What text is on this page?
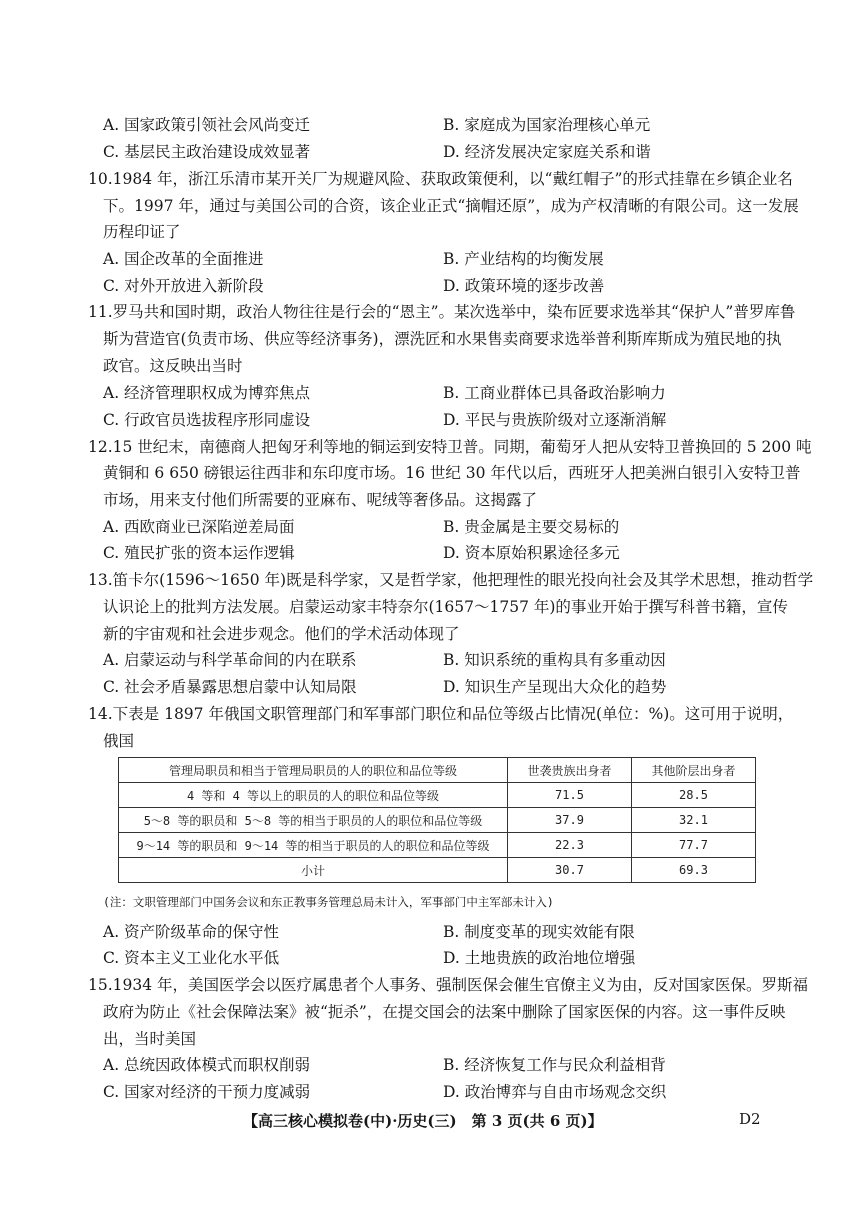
A. 国家政策引领社会风尚变迁	B. 家庭成为国家治理核心单元
C. 基层民主政治建设成效显著	D. 经济发展决定家庭关系和谐
10.1984 年，浙江乐清市某开关厂为规避风险、获取政策便利，以“戴红帽子”的形式挂靠在乡镇企业名
下。1997 年，通过与美国公司的合资，该企业正式“摘帽还原”，成为产权清晰的有限公司。这一发展
历程印证了
A. 国企改革的全面推进	B. 产业结构的均衡发展
C. 对外开放进入新阶段	D. 政策环境的逐步改善
11.罗马共和国时期，政治人物往往是行会的“恩主”。某次选举中，染布匠要求选举其“保护人”普罗库鲁
斯为营造官(负责市场、供应等经济事务)，漂洗匠和水果售卖商要求选举普利斯库斯成为殖民地的执
政官。这反映出当时
A. 经济管理职权成为博弈焦点	B. 工商业群体已具备政治影响力
C. 行政官员选拔程序形同虚设	D. 平民与贵族阶级对立逐渐消解
12.15 世纪末，南德商人把匈牙利等地的铜运到安特卫普。同期，葡萄牙人把从安特卫普换回的 5 200 吨
黄铜和 6 650 磅银运往西非和东印度市场。16 世纪 30 年代以后，西班牙人把美洲白银引入安特卫普
市场，用来支付他们所需要的亚麻布、呢绒等奢侈品。这揭露了
A. 西欧商业已深陷逆差局面	B. 贵金属是主要交易标的
C. 殖民扩张的资本运作逻辑	D. 资本原始积累途径多元
13.笛卡尔(1596～1650 年)既是科学家，又是哲学家，他把理性的眼光投向社会及其学术思想，推动哲学
认识论上的批判方法发展。启蒙运动家丰特奈尔(1657～1757 年)的事业开始于撰写科普书籍，宣传
新的宇宙观和社会进步观念。他们的学术活动体现了
A. 启蒙运动与科学革命间的内在联系	B. 知识系统的重构具有多重动因
C. 社会矛盾暴露思想启蒙中认知局限	D. 知识生产呈现出大众化的趋势
14.下表是 1897 年俄国文职管理部门和军事部门职位和品位等级占比情况(单位：%)。这可用于说明，
俄国
管理局职员和相当于管理局职员的人的职位和品位等级	世袭贵族出身者	其他阶层出身者
4 等和 4 等以上的职员的人的职位和品位等级	71.5	28.5
5～8 等的职员和 5～8 等的相当于职员的人的职位和品位等级	37.9	32.1
9～14 等的职员和 9～14 等的相当于职员的人的职位和品位等级	22.3	77.7
小计	30.7	69.3
(注：文职管理部门中国务会议和东正教事务管理总局未计入，军事部门中主军部未计入)
A. 资产阶级革命的保守性	B. 制度变革的现实效能有限
C. 资本主义工业化水平低	D. 土地贵族的政治地位增强
15.1934 年，美国医学会以医疗属患者个人事务、强制医保会催生官僚主义为由，反对国家医保。罗斯福
政府为防止《社会保障法案》被“扼杀”，在提交国会的法案中删除了国家医保的内容。这一事件反映
出，当时美国
A. 总统因政体模式而职权削弱	B. 经济恢复工作与民众利益相背
C. 国家对经济的干预力度减弱	D. 政治博弈与自由市场观念交织
【高三核心模拟卷(中)·历史(三)　第 3 页(共 6 页)】	D2
